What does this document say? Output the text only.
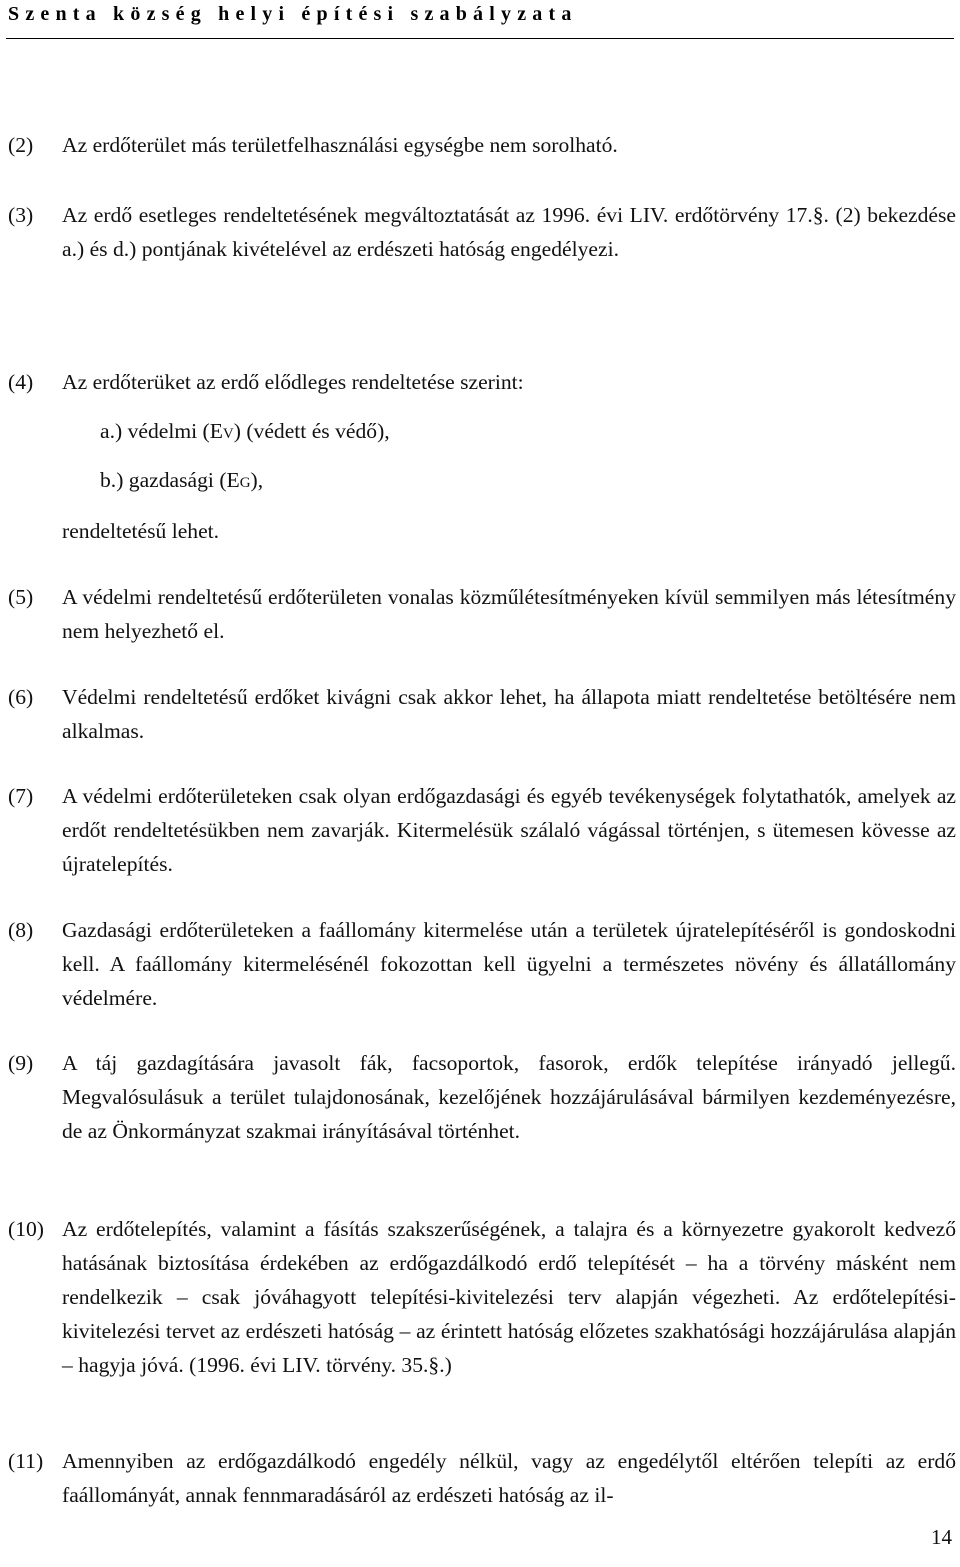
Szenta község helyi építési szabályzata
(2) Az erdőterület más területfelhasználási egységbe nem sorolható.
(3) Az erdő esetleges rendeltetésének megváltoztatását az 1996. évi LIV. erdőtörvény 17.§. (2) bekezdése a.) és d.) pontjának kivételével az erdészeti hatóság engedélyezi.
(4) Az erdőterüket az erdő elődleges rendeltetése szerint:
a.) védelmi (EV) (védett és védő),
b.) gazdasági (EG),
rendeltetésű lehet.
(5) A védelmi rendeltetésű erdőterületen vonalas közműlétesítményeken kívül semmilyen más létesítmény nem helyezhető el.
(6) Védelmi rendeltetésű erdőket kivágni csak akkor lehet, ha állapota miatt rendeltetése betöltésére nem alkalmas.
(7) A védelmi erdőterületeken csak olyan erdőgazdasági és egyéb tevékenységek folytathatók, amelyek az erdőt rendeltetésükben nem zavarják. Kitermelésük szálaló vágással történjen, s ütemesen kövesse az újratelepítés.
(8) Gazdasági erdőterületeken a faállomány kitermelése után a területek újratelepítéséről is gondoskodni kell. A faállomány kitermelésénél fokozottan kell ügyelni a természetes növény és állatállomány védelmére.
(9) A táj gazdagítására javasolt fák, facsoportok, fasorok, erdők telepítése irányadó jellegű. Megvalósulásuk a terület tulajdonosának, kezelőjének hozzájárulásával bármilyen kezdeményezésre, de az Önkormányzat szakmai irányításával történhet.
(10) Az erdőtelepítés, valamint a fásítás szakszerűségének, a talajra és a környezetre gyakorolt kedvező hatásának biztosítása érdekében az erdőgazdálkodó erdő telepítését – ha a törvény másként nem rendelkezik – csak jóváhagyott telepítési-kivitelezési terv alapján végezheti. Az erdőtelepítési-kivitelezési tervet az erdészeti hatóság – az érintett hatóság előzetes szakhatósági hozzájárulása alapján – hagyja jóvá. (1996. évi LIV. törvény. 35.§.)
(11) Amennyiben az erdőgazdálkodó engedély nélkül, vagy az engedélytől eltérően telepíti az erdő faállományát, annak fennmaradásáról az erdészeti hatóság az il-
14
